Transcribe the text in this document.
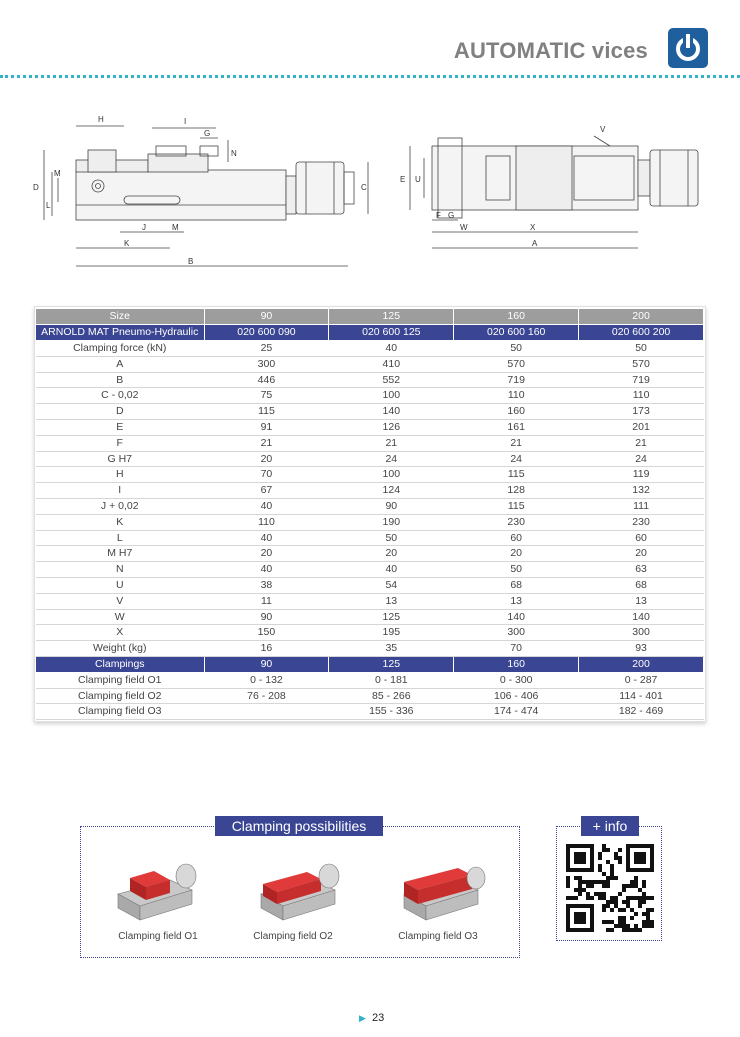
AUTOMATIC vices
H	I
G
N
D
M
L
C
J	M
K
B
V
E U
F G
W	X
A
Size	90	125	160	200
ARNOLD MAT Pneumo-Hydraulic	020 600 090	020 600 125	020 600 160	020 600 200
Clamping force (kN)	25	40	50	50
A	300	410	570	570
B	446	552	719	719
C - 0,02	75	100	110	110
D	115	140	160	173
E	91	126	161	201
F	21	21	21	21
G H7	20	24	24	24
H	70	100	115	119
I	67	124	128	132
J + 0,02	40	90	115	111
K	110	190	230	230
L	40	50	60	60
M H7	20	20	20	20
N	40	40	50	63
U	38	54	68	68
V	11	13	13	13
W	90	125	140	140
X	150	195	300	300
Weight (kg)	16	35	70	93
Clampings	90	125	160	200
Clamping field O1	0 - 132	0 - 181	0 - 300	0 - 287
Clamping field O2	76 - 208	85 - 266	106 - 406	114 - 401
Clamping field O3		155 - 336	174 - 474	182 - 469
Clamping possibilities
Clamping field O1	Clamping field O2	Clamping field O3
+ info
▶ 23
